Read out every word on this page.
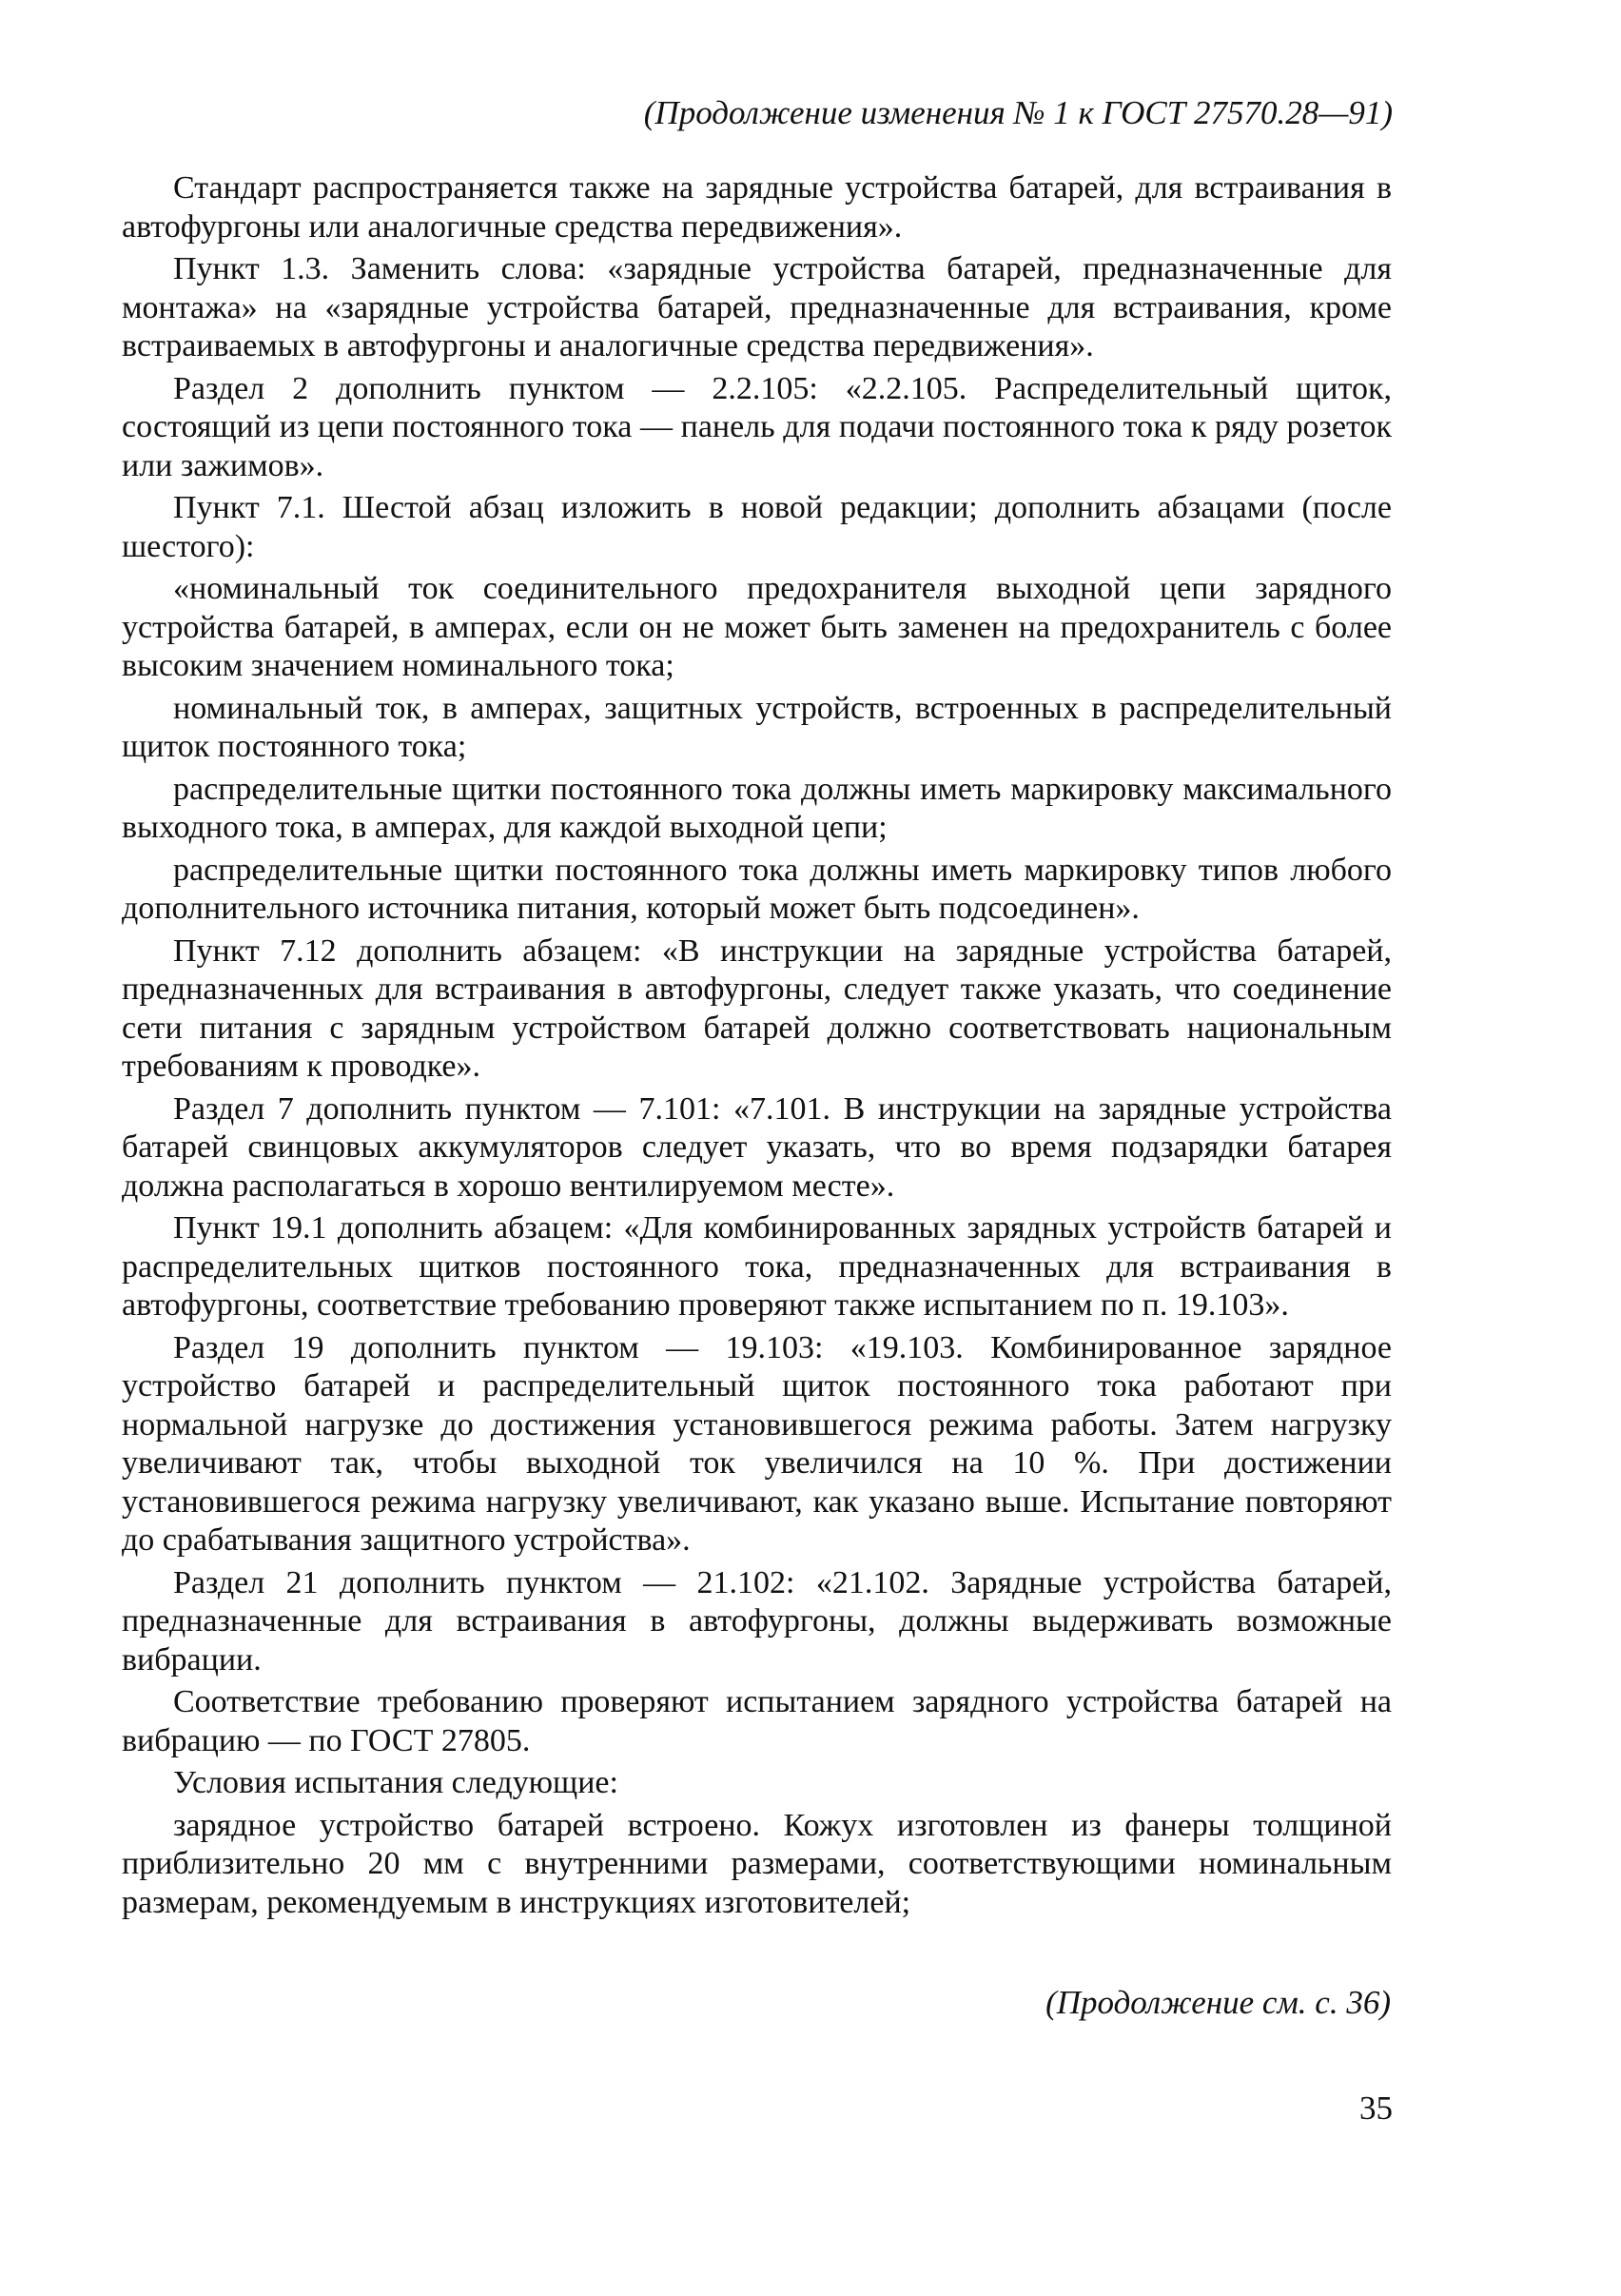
(Продолжение изменения № 1 к ГОСТ 27570.28—91)

Стандарт распространяется также на зарядные устройства батарей, для встраивания в автофургоны или аналогичные средства передвижения».

Пункт 1.3. Заменить слова: «зарядные устройства батарей, предназначенные для монтажа» на «зарядные устройства батарей, предназначенные для встраивания, кроме встраиваемых в автофургоны и аналогичные средства передвижения».

Раздел 2 дополнить пунктом — 2.2.105: «2.2.105. Распределительный щиток, состоящий из цепи постоянного тока — панель для подачи постоянного тока к ряду розеток или зажимов».

Пункт 7.1. Шестой абзац изложить в новой редакции; дополнить абзацами (после шестого):

«номинальный ток соединительного предохранителя выходной цепи зарядного устройства батарей, в амперах, если он не может быть заменен на предохранитель с более высоким значением номинального тока;

номинальный ток, в амперах, защитных устройств, встроенных в распределительный щиток постоянного тока;

распределительные щитки постоянного тока должны иметь маркировку максимального выходного тока, в амперах, для каждой выходной цепи;

распределительные щитки постоянного тока должны иметь маркировку типов любого дополнительного источника питания, который может быть подсоединен».

Пункт 7.12 дополнить абзацем: «В инструкции на зарядные устройства батарей, предназначенных для встраивания в автофургоны, следует также указать, что соединение сети питания с зарядным устройством батарей должно соответствовать национальным требованиям к проводке».

Раздел 7 дополнить пунктом — 7.101: «7.101. В инструкции на зарядные устройства батарей свинцовых аккумуляторов следует указать, что во время подзарядки батарея должна располагаться в хорошо вентилируемом месте».

Пункт 19.1 дополнить абзацем: «Для комбинированных зарядных устройств батарей и распределительных щитков постоянного тока, предназначенных для встраивания в автофургоны, соответствие требованию проверяют также испытанием по п. 19.103».

Раздел 19 дополнить пунктом — 19.103: «19.103. Комбинированное зарядное устройство батарей и распределительный щиток постоянного тока работают при нормальной нагрузке до достижения установившегося режима работы. Затем нагрузку увеличивают так, чтобы выходной ток увеличился на 10 %. При достижении установившегося режима нагрузку увеличивают, как указано выше. Испытание повторяют до срабатывания защитного устройства».

Раздел 21 дополнить пунктом — 21.102: «21.102. Зарядные устройства батарей, предназначенные для встраивания в автофургоны, должны выдерживать возможные вибрации.

Соответствие требованию проверяют испытанием зарядного устройства батарей на вибрацию — по ГОСТ 27805.

Условия испытания следующие:

зарядное устройство батарей встроено. Кожух изготовлен из фанеры толщиной приблизительно 20 мм с внутренними размерами, соответствующими номинальным размерам, рекомендуемым в инструкциях изготовителей;

(Продолжение см. с. 36)
35
